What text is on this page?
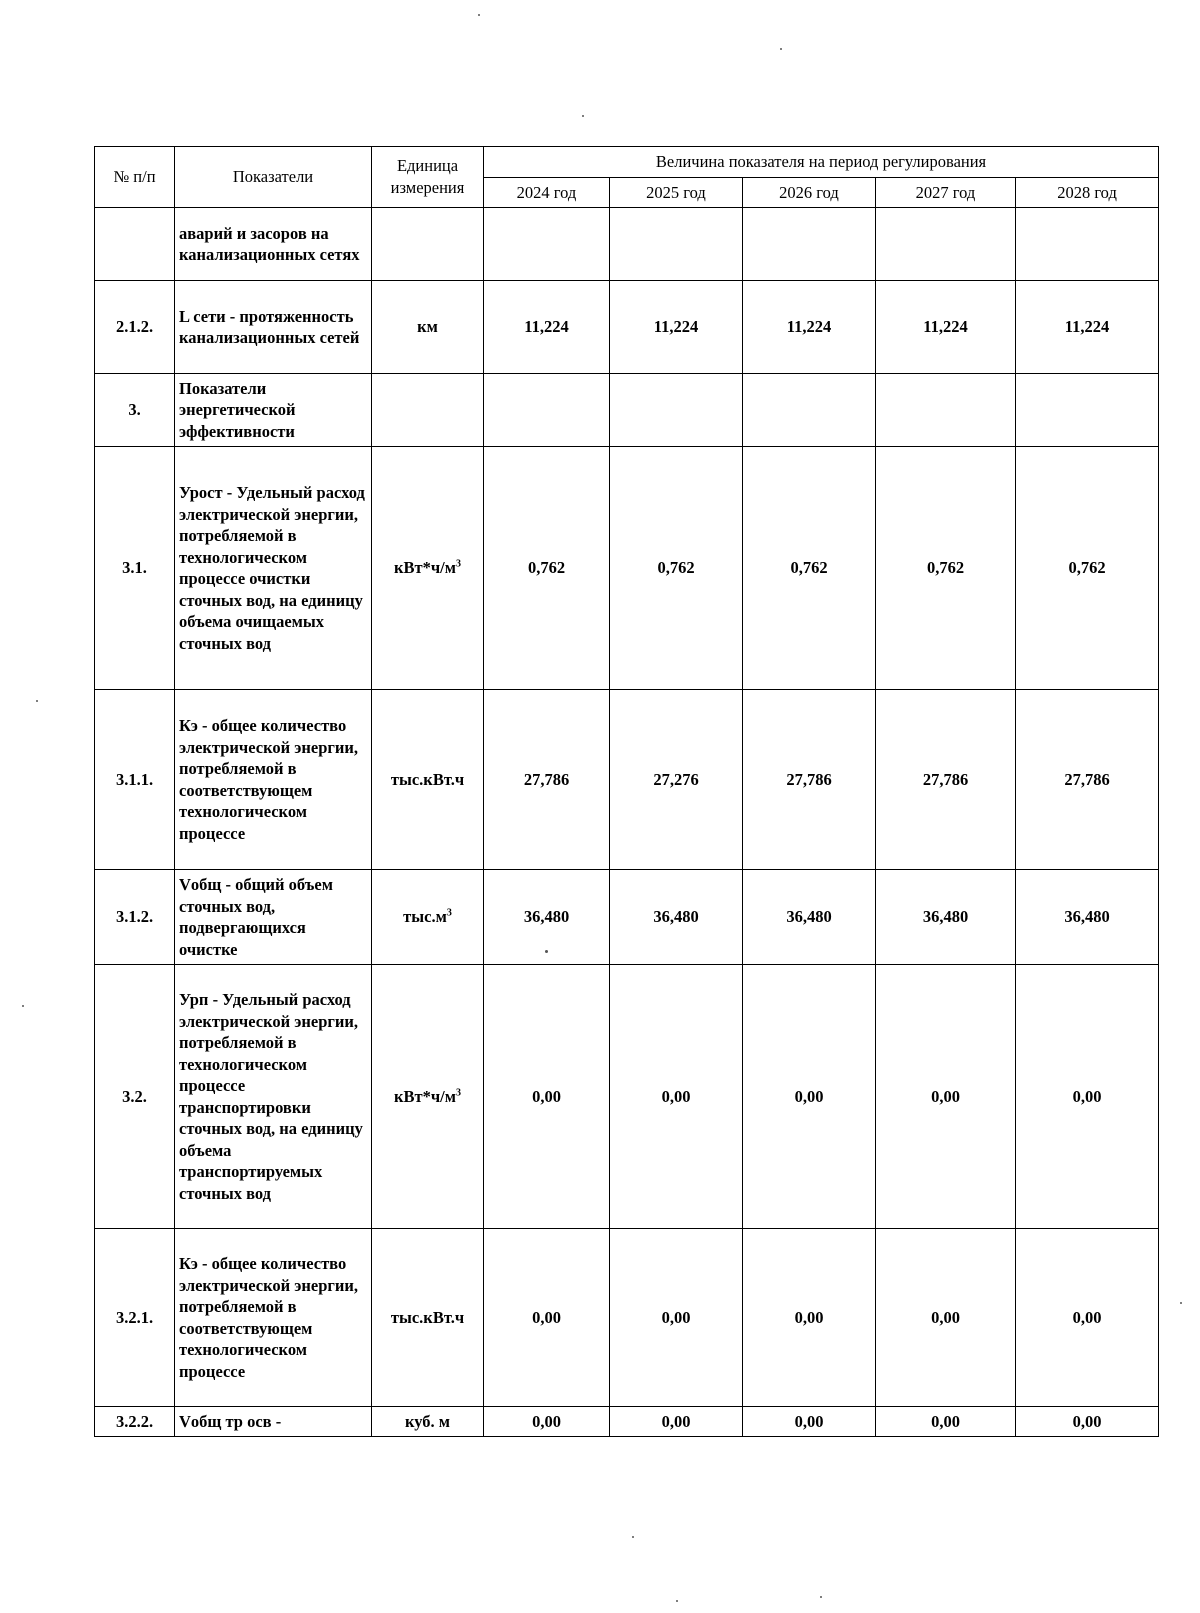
№ п/п	Показатели	Единица
измерения	Величина показателя на период регулирования				
			2024 год	2025 год	2026 год	2027 год	2028 год
	аварий и засоров на канализационных сетях						
2.1.2.	L сети - протяженность канализационных сетей	км	11,224	11,224	11,224	11,224	11,224
3.	Показатели энергетической эффективности						
3.1.	Урост - Удельный расход электрической энергии, потребляемой в технологическом процессе очистки сточных вод, на единицу объема очищаемых сточных вод	$кВт*ч/м^3$	0,762	0,762	0,762	0,762	0,762
3.1.1.	Кэ - общее количество электрической энергии, потребляемой в соответствующем технологическом процессе	тыс.кВт.ч	27,786	27,276	27,786	27,786	27,786
3.1.2.	Vобщ - общий объем сточных вод, подвергающихся очистке	$тыс.м^3$	36,480	36,480	36,480	36,480	36,480
3.2.	Урп - Удельный расход электрической энергии, потребляемой в технологическом процессе транспортировки сточных вод, на единицу объема транспортируемых сточных вод	$кВт*ч/м^3$	0,00	0,00	0,00	0,00	0,00
3.2.1.	Кэ - общее количество электрической энергии, потребляемой в соответствующем технологическом процессе	тыс.кВт.ч	0,00	0,00	0,00	0,00	0,00
3.2.2.	Vобщ тр осв -	куб. м	0,00	0,00	0,00	0,00	0,00
